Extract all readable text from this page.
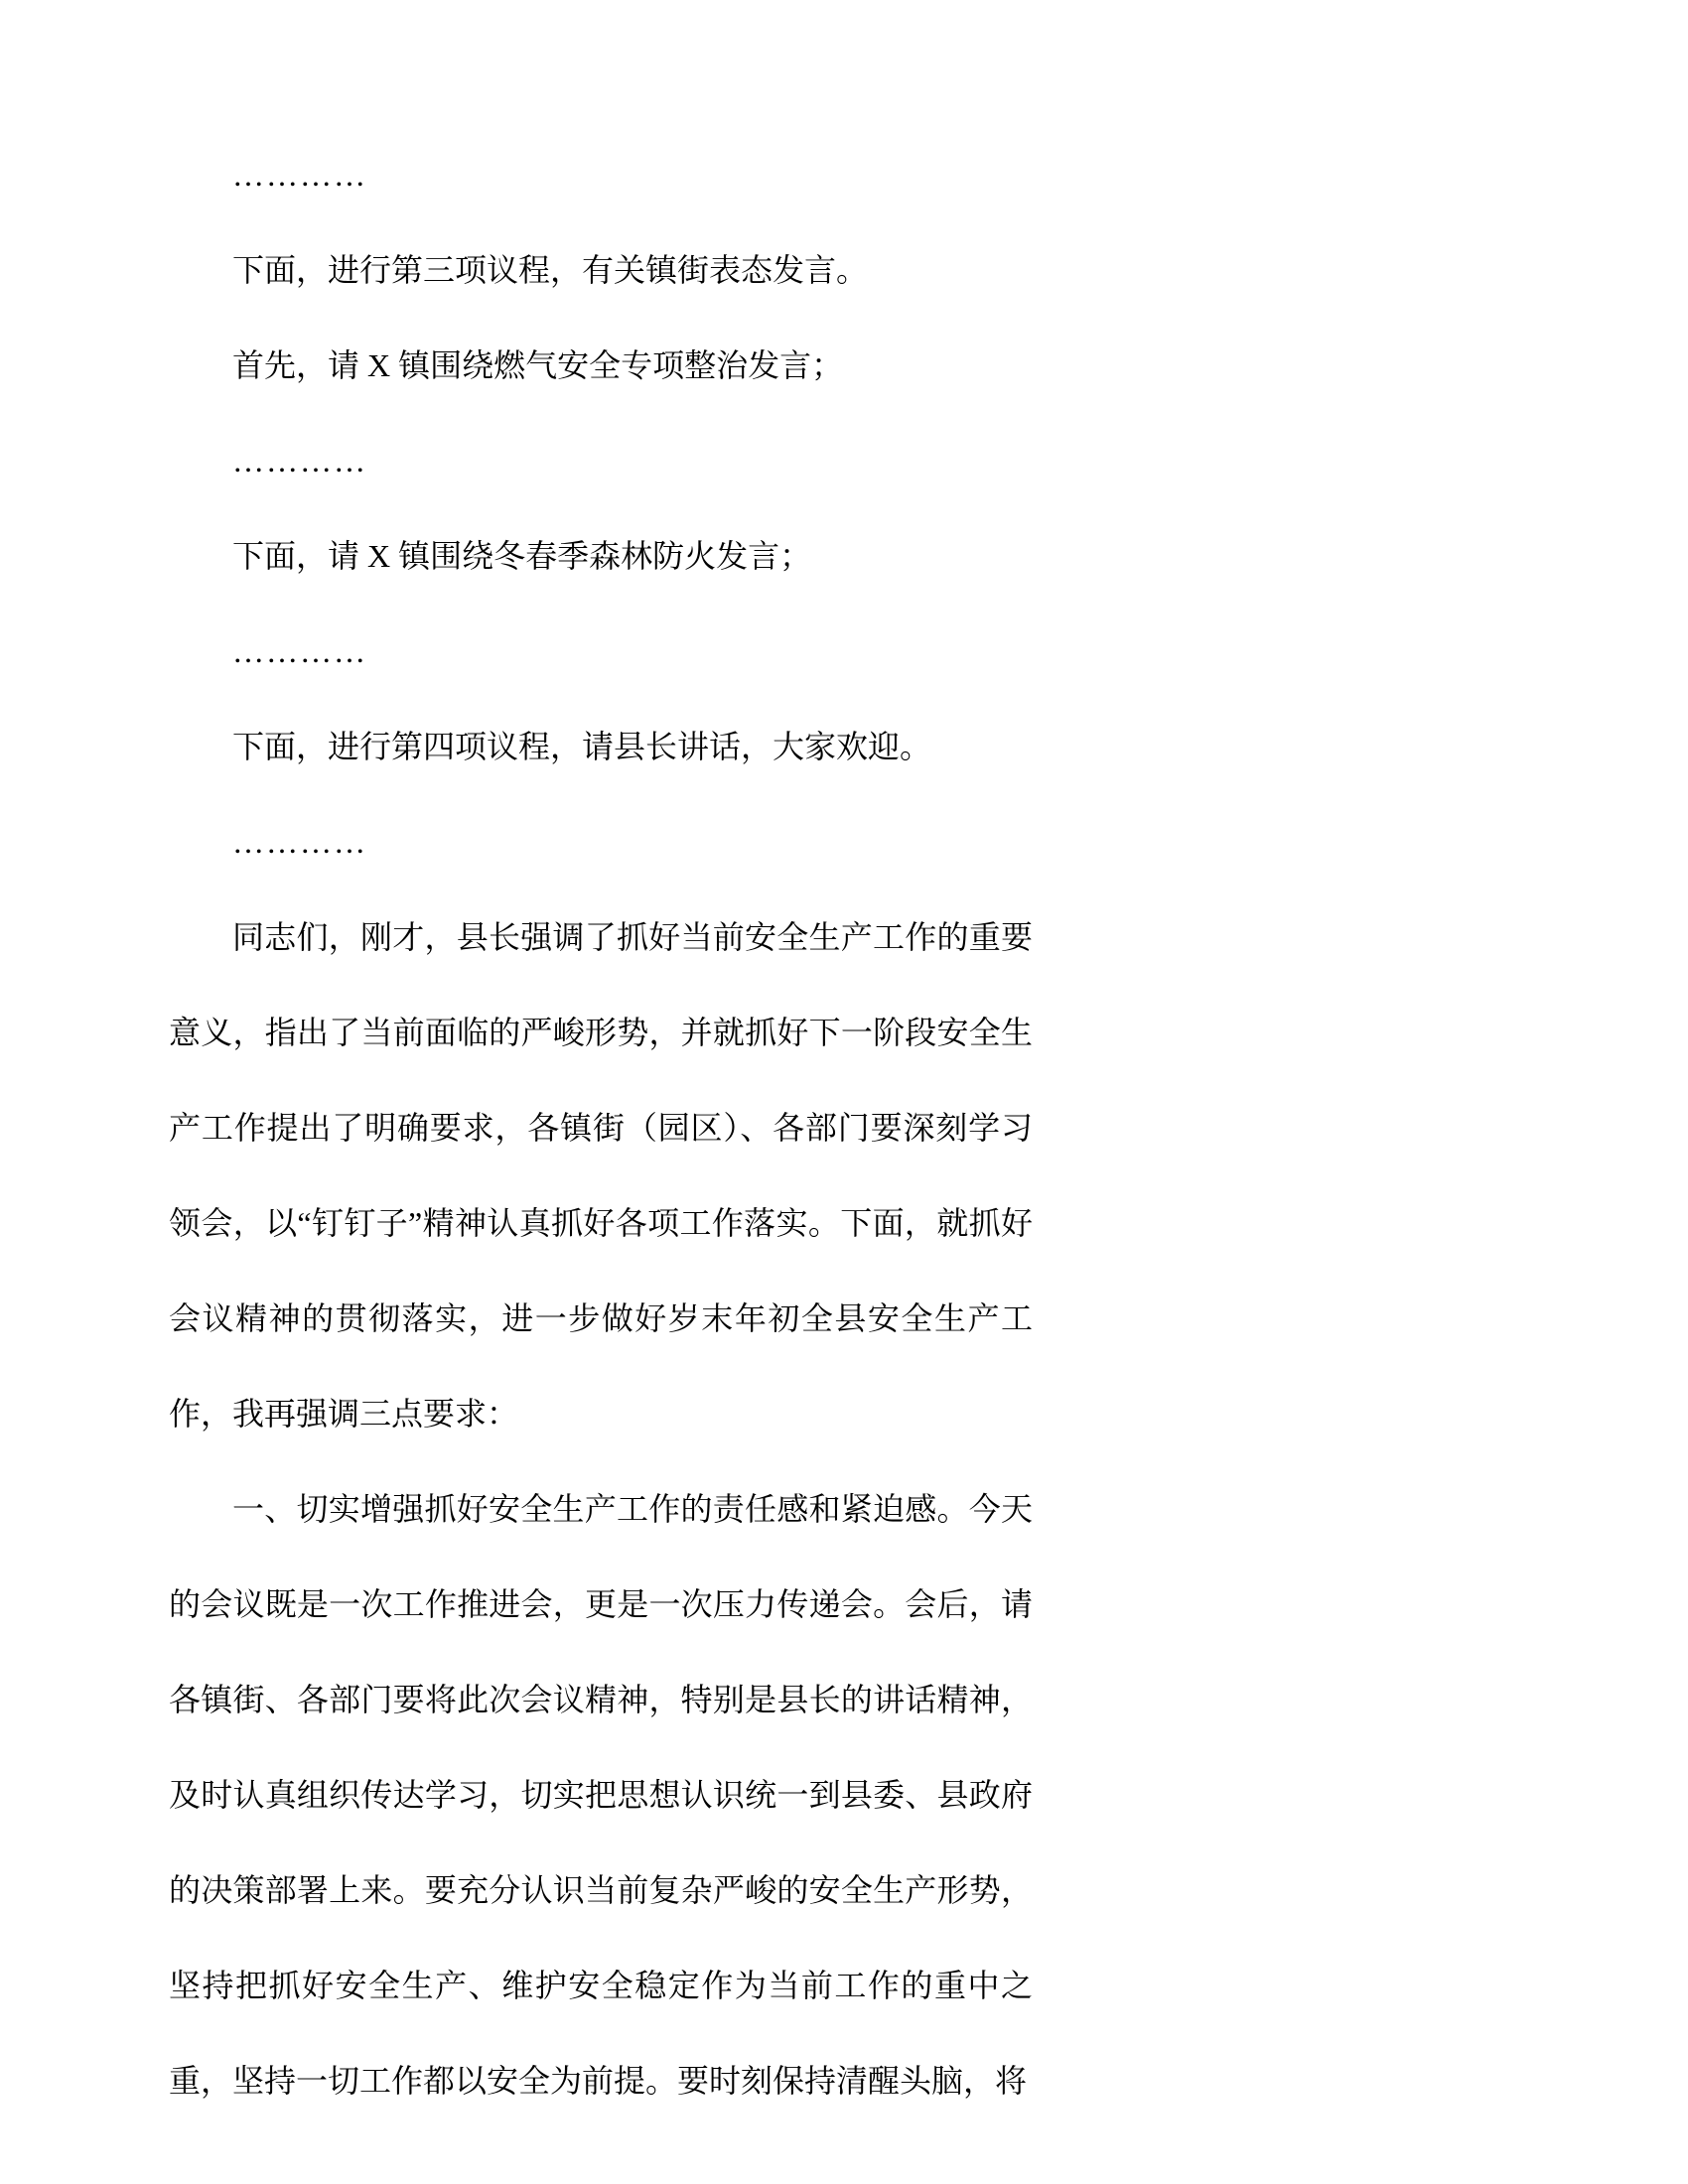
…………

下面，进行第三项议程，有关镇街表态发言。

首先，请 X 镇围绕燃气安全专项整治发言；

…………

下面，请 X 镇围绕冬春季森林防火发言；

…………

下面，进行第四项议程，请县长讲话，大家欢迎。

…………

同志们，刚才，县长强调了抓好当前安全生产工作的重要意义，指出了当前面临的严峻形势，并就抓好下一阶段安全生产工作提出了明确要求，各镇街（园区）、各部门要深刻学习领会，以“钉钉子”精神认真抓好各项工作落实。下面，就抓好会议精神的贯彻落实，进一步做好岁末年初全县安全生产工作，我再强调三点要求：

一、切实增强抓好安全生产工作的责任感和紧迫感。今天的会议既是一次工作推进会，更是一次压力传递会。会后，请各镇街、各部门要将此次会议精神，特别是县长的讲话精神，及时认真组织传达学习，切实把思想认识统一到县委、县政府的决策部署上来。要充分认识当前复杂严峻的安全生产形势，坚持把抓好安全生产、维护安全稳定作为当前工作的重中之重，坚持一切工作都以安全为前提。要时刻保持清醒头脑，将
